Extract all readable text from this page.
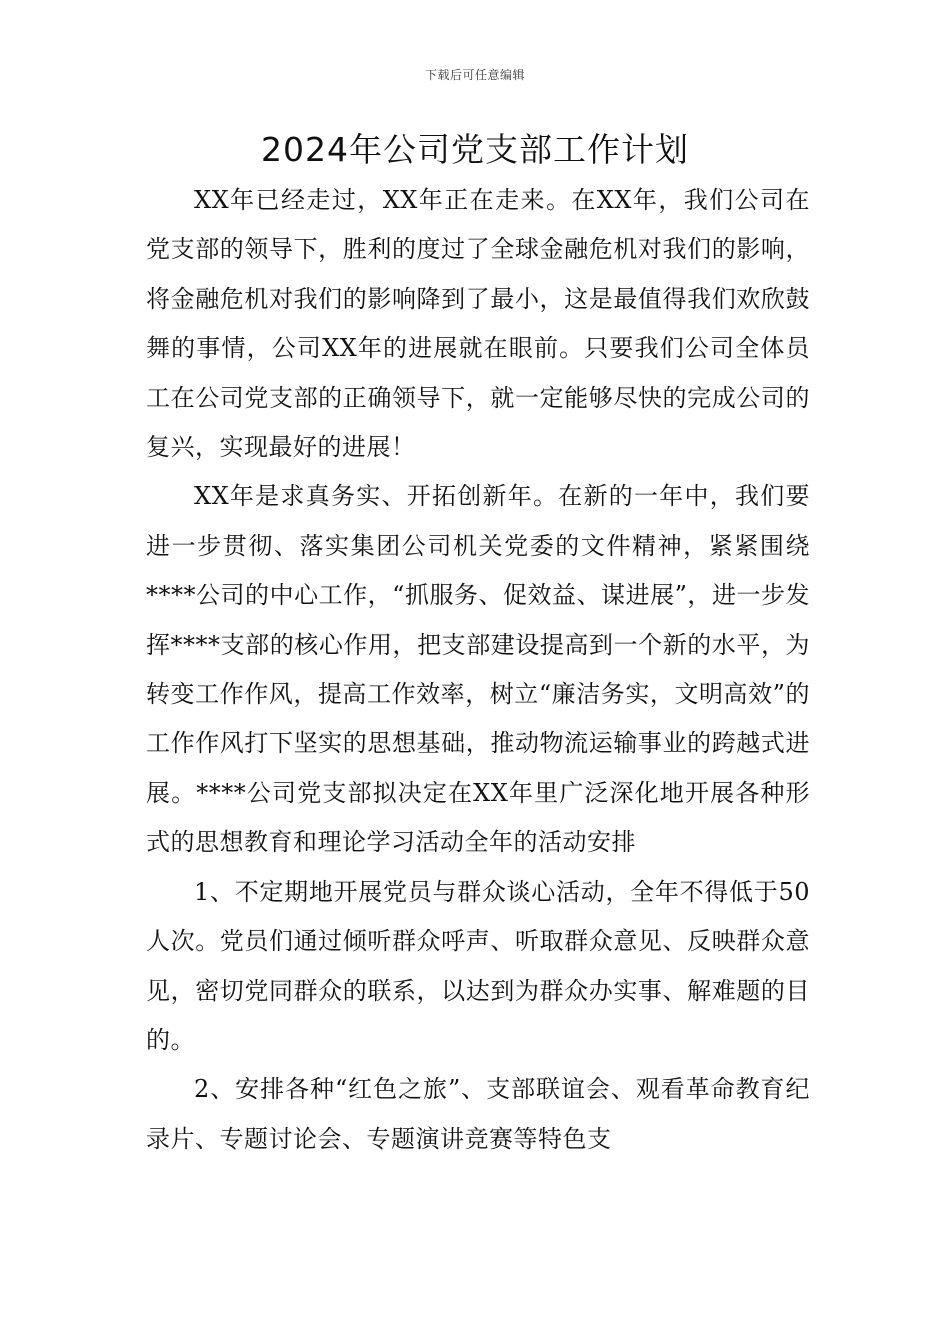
下载后可任意编辑
2024年公司党支部工作计划

XX年已经走过，XX年正在走来。在XX年，我们公司在党支部的领导下，胜利的度过了全球金融危机对我们的影响，将金融危机对我们的影响降到了最小，这是最值得我们欢欣鼓舞的事情，公司XX年的进展就在眼前。只要我们公司全体员工在公司党支部的正确领导下，就一定能够尽快的完成公司的复兴，实现最好的进展！

XX年是求真务实、开拓创新年。在新的一年中，我们要进一步贯彻、落实集团公司机关党委的文件精神，紧紧围绕****公司的中心工作，“抓服务、促效益、谋进展”，进一步发挥****支部的核心作用，把支部建设提高到一个新的水平，为转变工作作风，提高工作效率，树立“廉洁务实，文明高效”的工作作风打下坚实的思想基础，推动物流运输事业的跨越式进展。****公司党支部拟决定在XX年里广泛深化地开展各种形式的思想教育和理论学习活动全年的活动安排

1、不定期地开展党员与群众谈心活动，全年不得低于50人次。党员们通过倾听群众呼声、听取群众意见、反映群众意见，密切党同群众的联系，以达到为群众办实事、解难题的目的。

2、安排各种“红色之旅”、支部联谊会、观看革命教育纪录片、专题讨论会、专题演讲竞赛等特色支
